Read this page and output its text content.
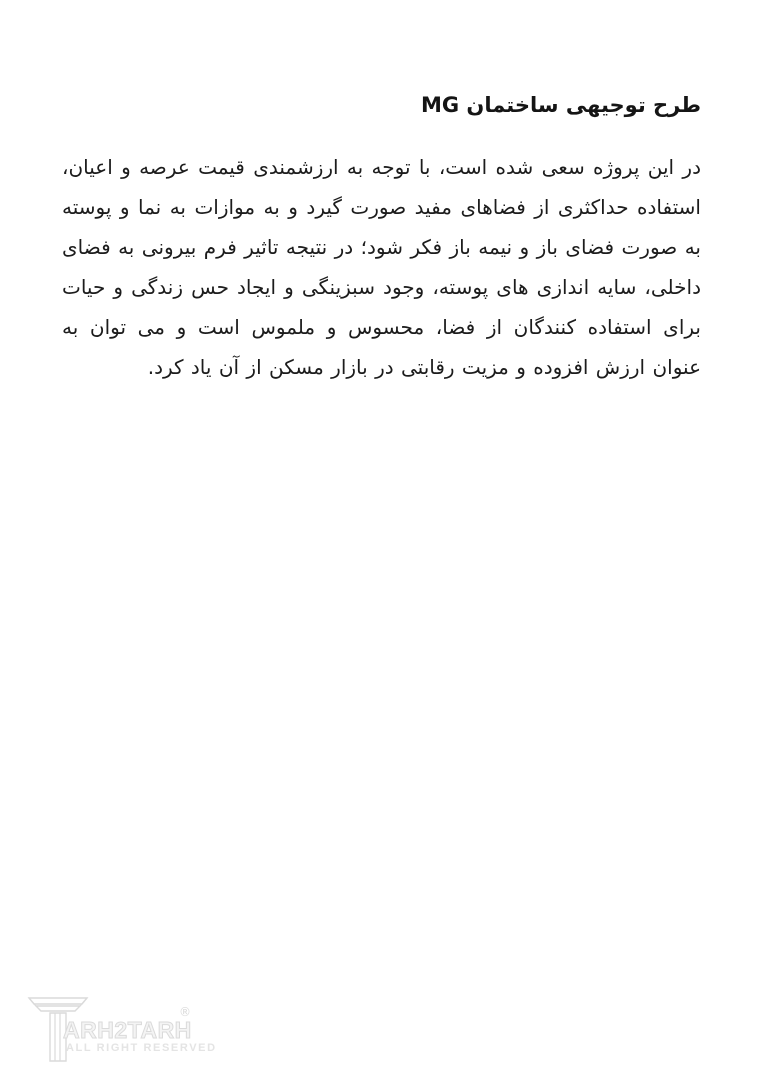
طرح توجیهی ساختمان MG

در این پروژه سعی شده است، با توجه به ارزشمندی قیمت عرصه و اعیان، استفاده حداکثری از فضاهای مفید صورت گیرد و به موازات به نما و پوسته به صورت فضای باز و نیمه باز فکر شود؛ در نتیجه تاثیر فرم بیرونی به فضای داخلی، سایه اندازی های پوسته، وجود سبزینگی و ایجاد حس زندگی و حیات برای استفاده کنندگان از فضا، محسوس و ملموس است و می توان به عنوان ارزش افزوده و مزیت رقابتی در بازار مسکن از آن یاد کرد.

ARH2TARH
ALL RIGHT RESERVED
®
